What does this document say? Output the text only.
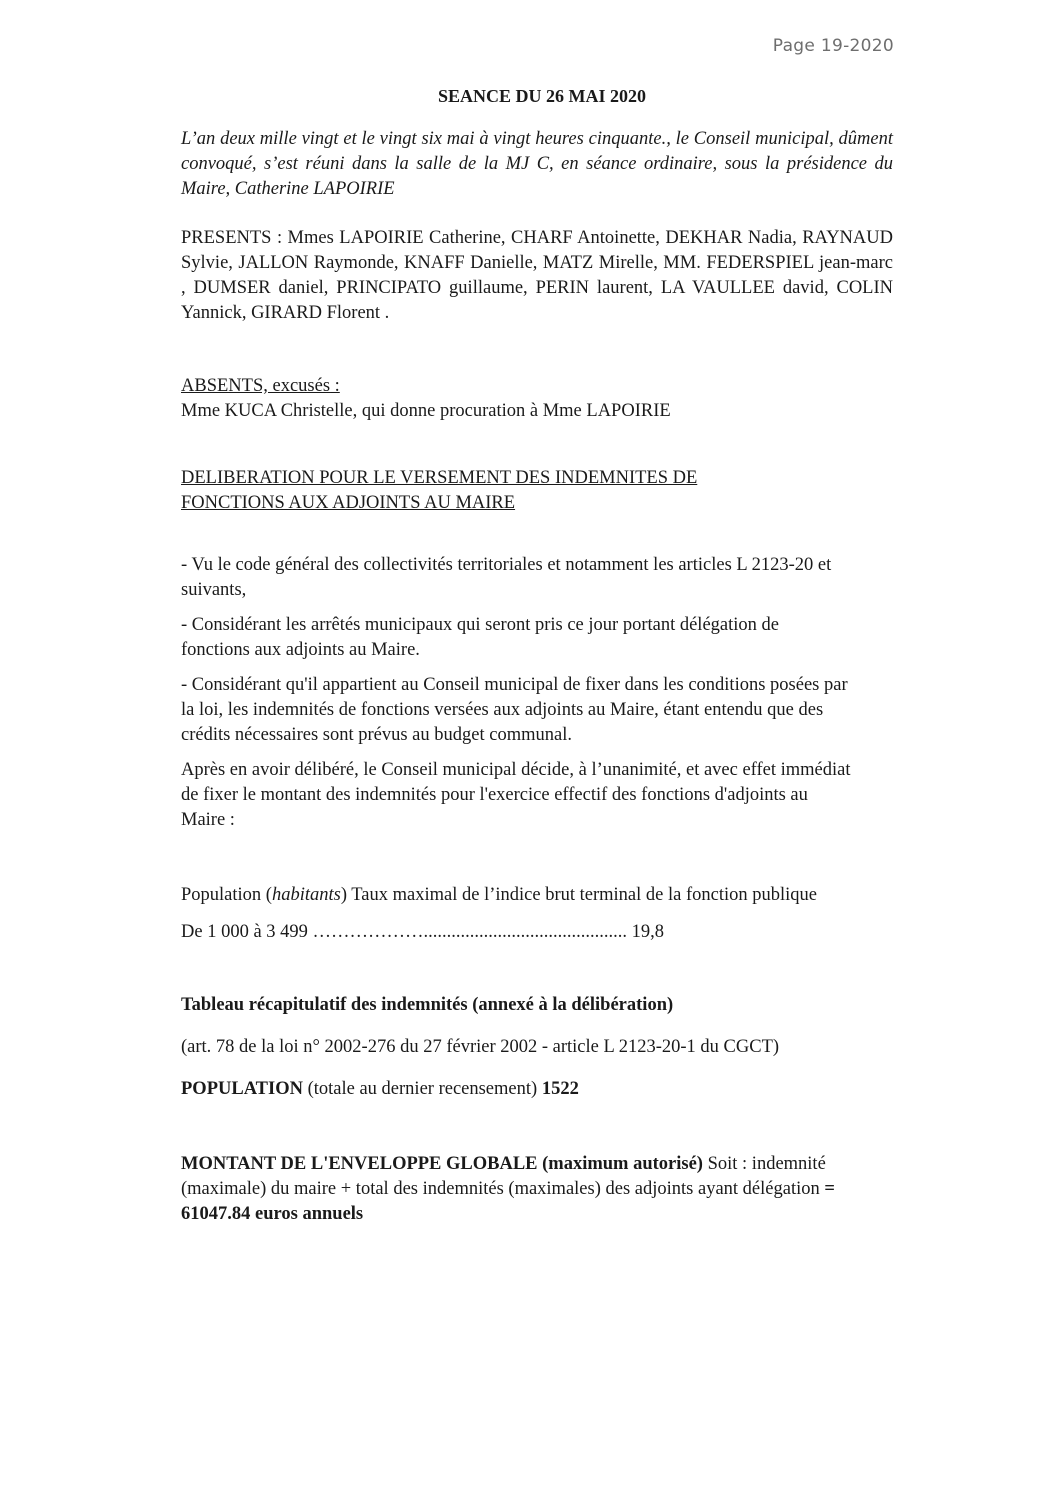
Page 19-2020

SEANCE DU 26 MAI 2020

L’an deux mille vingt et le vingt six mai à vingt heures cinquante., le Conseil municipal, dûment convoqué, s’est réuni dans la salle de la MJ C, en séance ordinaire, sous la présidence du Maire, Catherine LAPOIRIE

PRESENTS : Mmes LAPOIRIE Catherine, CHARF Antoinette, DEKHAR Nadia, RAYNAUD Sylvie, JALLON Raymonde, KNAFF Danielle, MATZ Mirelle, MM. FEDERSPIEL jean-marc , DUMSER daniel, PRINCIPATO guillaume, PERIN laurent, LA VAULLEE david, COLIN Yannick, GIRARD Florent .

ABSENTS, excusés :

Mme KUCA Christelle, qui donne procuration à Mme LAPOIRIE

DELIBERATION POUR LE VERSEMENT DES INDEMNITES DE FONCTIONS AUX ADJOINTS AU MAIRE

- Vu le code général des collectivités territoriales et notamment les articles L 2123-20 et suivants,

- Considérant les arrêtés municipaux qui seront pris ce jour portant délégation de fonctions aux adjoints au Maire.

- Considérant qu'il appartient au Conseil municipal de fixer dans les conditions posées par la loi, les indemnités de fonctions versées aux adjoints au Maire, étant entendu que des crédits nécessaires sont prévus au budget communal.

Après en avoir délibéré, le Conseil municipal décide, à l’unanimité, et avec effet immédiat de fixer le montant des indemnités pour l'exercice effectif des fonctions d'adjoints au Maire :

Population (habitants) Taux maximal de l’indice brut terminal de la fonction publique

De 1 000 à 3 499 ………………............................................ 19,8

Tableau récapitulatif des indemnités (annexé à la délibération)

(art. 78 de la loi n° 2002-276 du 27 février 2002 - article L 2123-20-1 du CGCT)

POPULATION (totale au dernier recensement) 1522

MONTANT DE L'ENVELOPPE GLOBALE (maximum autorisé) Soit : indemnité (maximale) du maire + total des indemnités (maximales) des adjoints ayant délégation = 61047.84 euros annuels
